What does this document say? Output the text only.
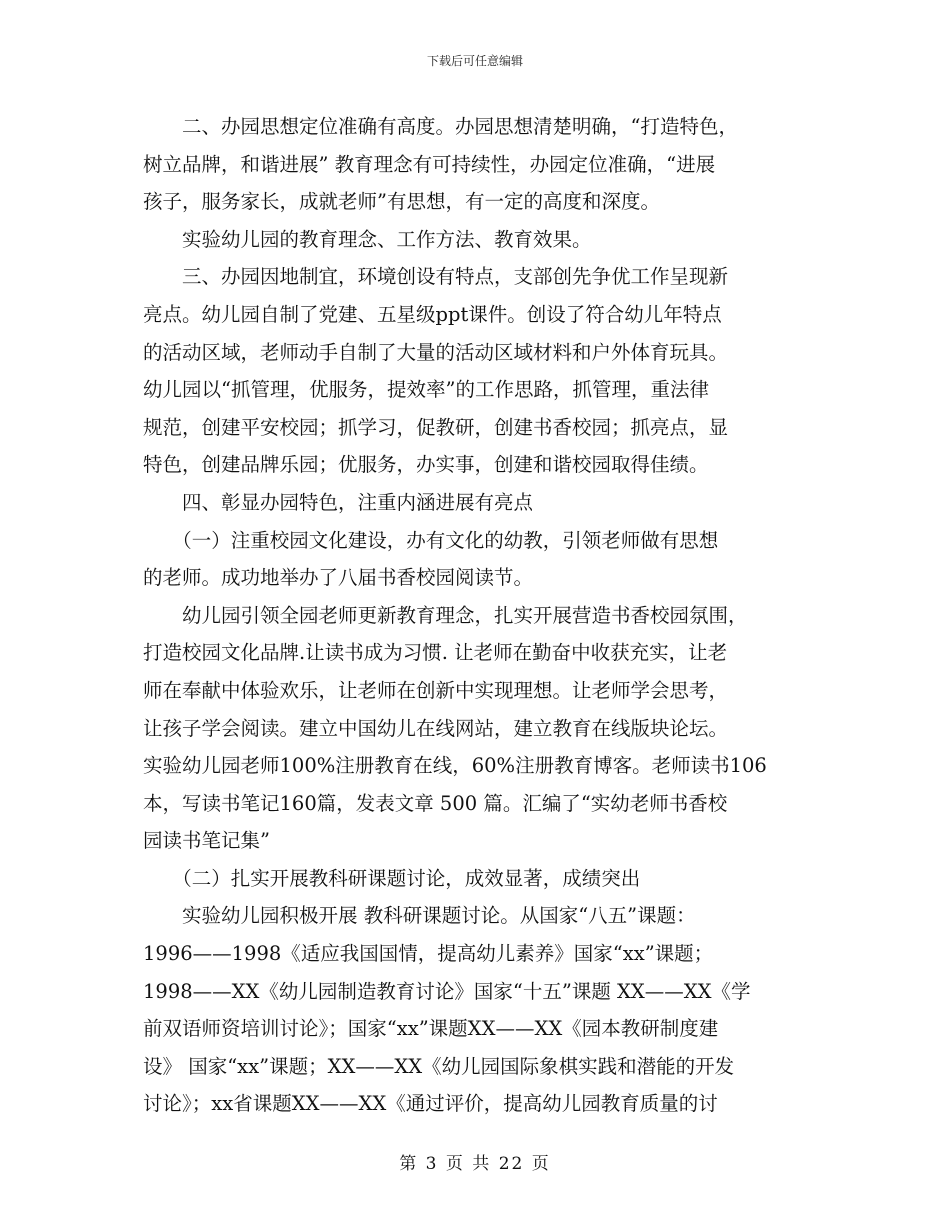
下载后可任意编辑
　　二、办园思想定位准确有高度。办园思想清楚明确，“打造特色，
树立品牌，和谐进展” 教育理念有可持续性，办园定位准确，“进展
孩子，服务家长，成就老师”有思想，有一定的高度和深度。
　　实验幼儿园的教育理念、工作方法、教育效果。
　　三、办园因地制宜，环境创设有特点，支部创先争优工作呈现新
亮点。幼儿园自制了党建、五星级ppt课件。创设了符合幼儿年特点
的活动区域，老师动手自制了大量的活动区域材料和户外体育玩具。
幼儿园以“抓管理，优服务，提效率”的工作思路，抓管理，重法律
规范，创建平安校园；抓学习，促教研，创建书香校园；抓亮点，显
特色，创建品牌乐园；优服务，办实事，创建和谐校园取得佳绩。
　　四、彰显办园特色，注重内涵进展有亮点
　　（一）注重校园文化建设，办有文化的幼教，引领老师做有思想
的老师。成功地举办了八届书香校园阅读节。
　　幼儿园引领全园老师更新教育理念，扎实开展营造书香校园氛围，
打造校园文化品牌.让读书成为习惯. 让老师在勤奋中收获充实，让老
师在奉献中体验欢乐，让老师在创新中实现理想。让老师学会思考，
让孩子学会阅读。建立中国幼儿在线网站，建立教育在线版块论坛。
实验幼儿园老师100%注册教育在线，60%注册教育博客。老师读书106
本，写读书笔记160篇，发表文章 500 篇。汇编了“实幼老师书香校
园读书笔记集”
　　（二）扎实开展教科研课题讨论，成效显著，成绩突出
　　实验幼儿园积极开展 教科研课题讨论。从国家“八五”课题：
1996——1998《适应我国国情，提高幼儿素养》国家“xx”课题；
1998——XX《幼儿园制造教育讨论》国家“十五”课题 XX——XX《学
前双语师资培训讨论》；国家“xx”课题XX——XX《园本教研制度建
设》 国家“xx”课题；XX——XX《幼儿园国际象棋实践和潜能的开发
讨论》；xx省课题XX——XX《通过评价，提高幼儿园教育质量的讨
第 3 页 共 22 页
